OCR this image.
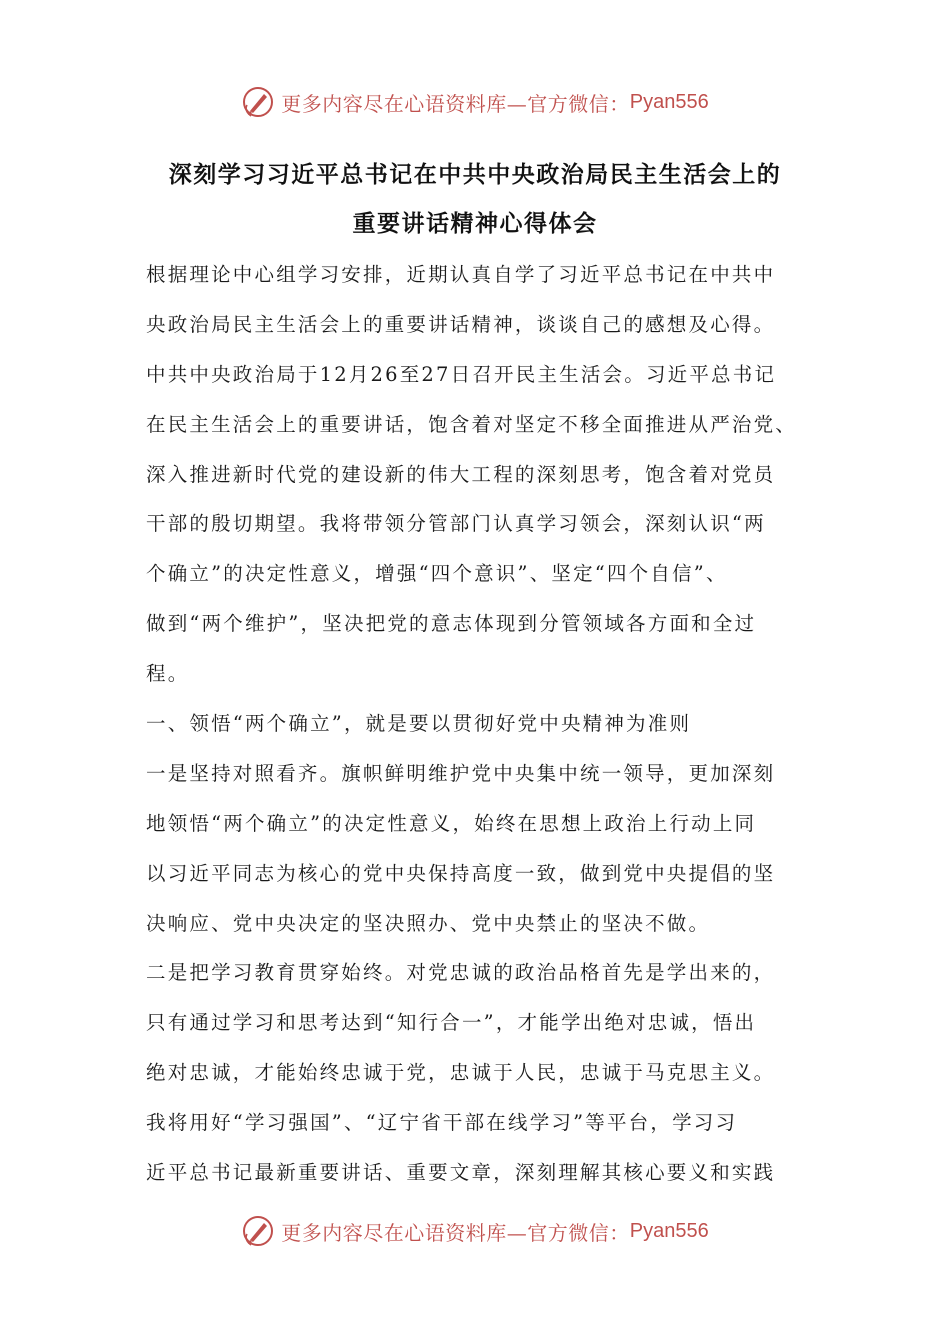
更多内容尽在心语资料库—官方微信： Pyan556
深刻学习习近平总书记在中共中央政治局民主生活会上的
重要讲话精神心得体会
根据理论中心组学习安排，近期认真自学了习近平总书记在中共中
央政治局民主生活会上的重要讲话精神，谈谈自己的感想及心得。
中共中央政治局于12月26至27日召开民主生活会。习近平总书记
在民主生活会上的重要讲话，饱含着对坚定不移全面推进从严治党、
深入推进新时代党的建设新的伟大工程的深刻思考，饱含着对党员
干部的殷切期望。我将带领分管部门认真学习领会，深刻认识“两
个确立”的决定性意义，增强“四个意识”、坚定“四个自信”、
做到“两个维护”，坚决把党的意志体现到分管领域各方面和全过
程。
一、领悟“两个确立”，就是要以贯彻好党中央精神为准则
一是坚持对照看齐。旗帜鲜明维护党中央集中统一领导，更加深刻
地领悟“两个确立”的决定性意义，始终在思想上政治上行动上同
以习近平同志为核心的党中央保持高度一致，做到党中央提倡的坚
决响应、党中央决定的坚决照办、党中央禁止的坚决不做。
二是把学习教育贯穿始终。对党忠诚的政治品格首先是学出来的，
只有通过学习和思考达到“知行合一”，才能学出绝对忠诚，悟出
绝对忠诚，才能始终忠诚于党，忠诚于人民，忠诚于马克思主义。
我将用好“学习强国”、“辽宁省干部在线学习”等平台，学习习
近平总书记最新重要讲话、重要文章，深刻理解其核心要义和实践
更多内容尽在心语资料库—官方微信： Pyan556
